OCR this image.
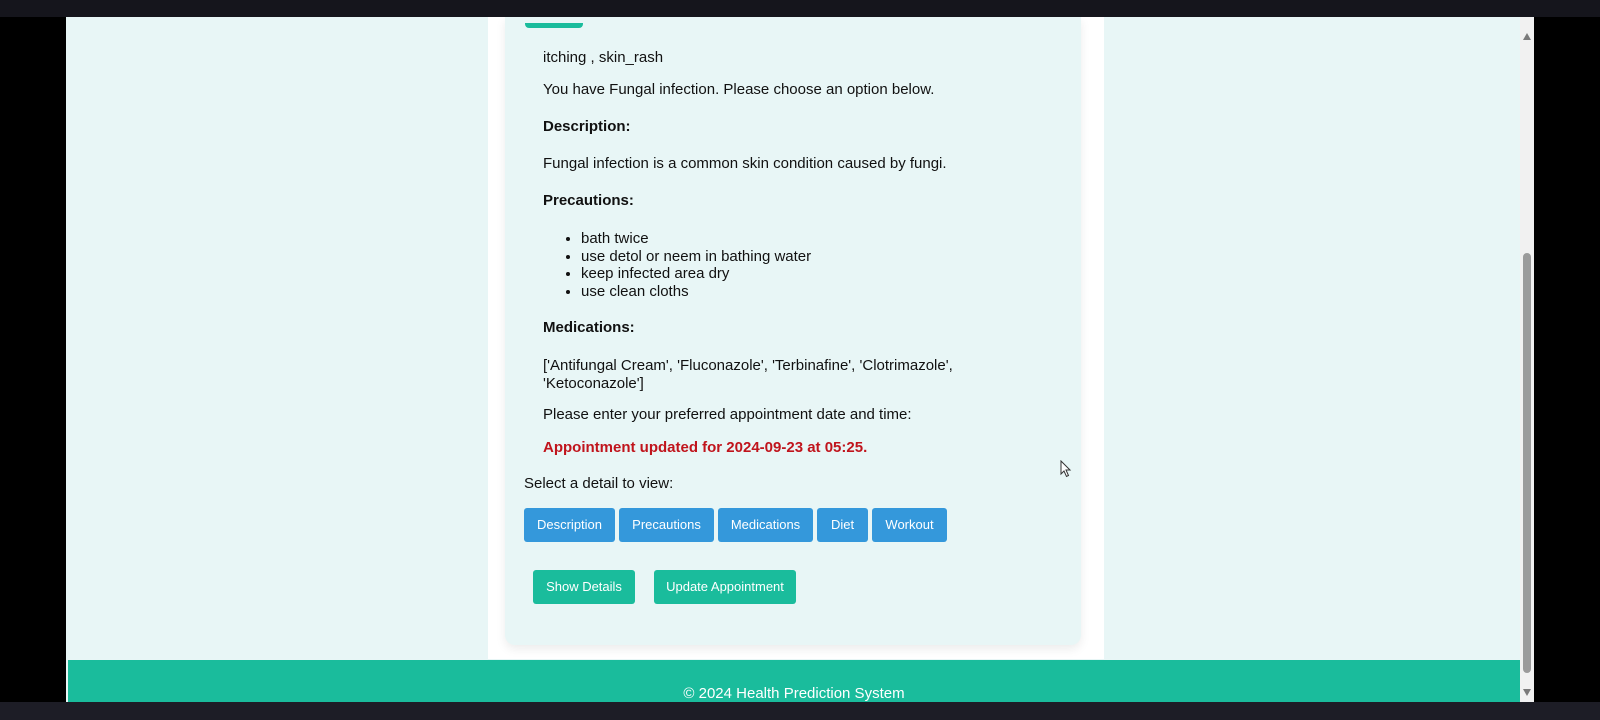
itching , skin_rash
You have Fungal infection. Please choose an option below.
Description:
Fungal infection is a common skin condition caused by fungi.
Precautions:
• bath twice
• use detol or neem in bathing water
• keep infected area dry
• use clean cloths
Medications:
['Antifungal Cream', 'Fluconazole', 'Terbinafine', 'Clotrimazole', 'Ketoconazole']
Please enter your preferred appointment date and time:
Appointment updated for 2024-09-23 at 05:25.
Select a detail to view:
Description	Precautions	Medications	Diet	Workout
Show Details	Update Appointment
© 2024 Health Prediction System
